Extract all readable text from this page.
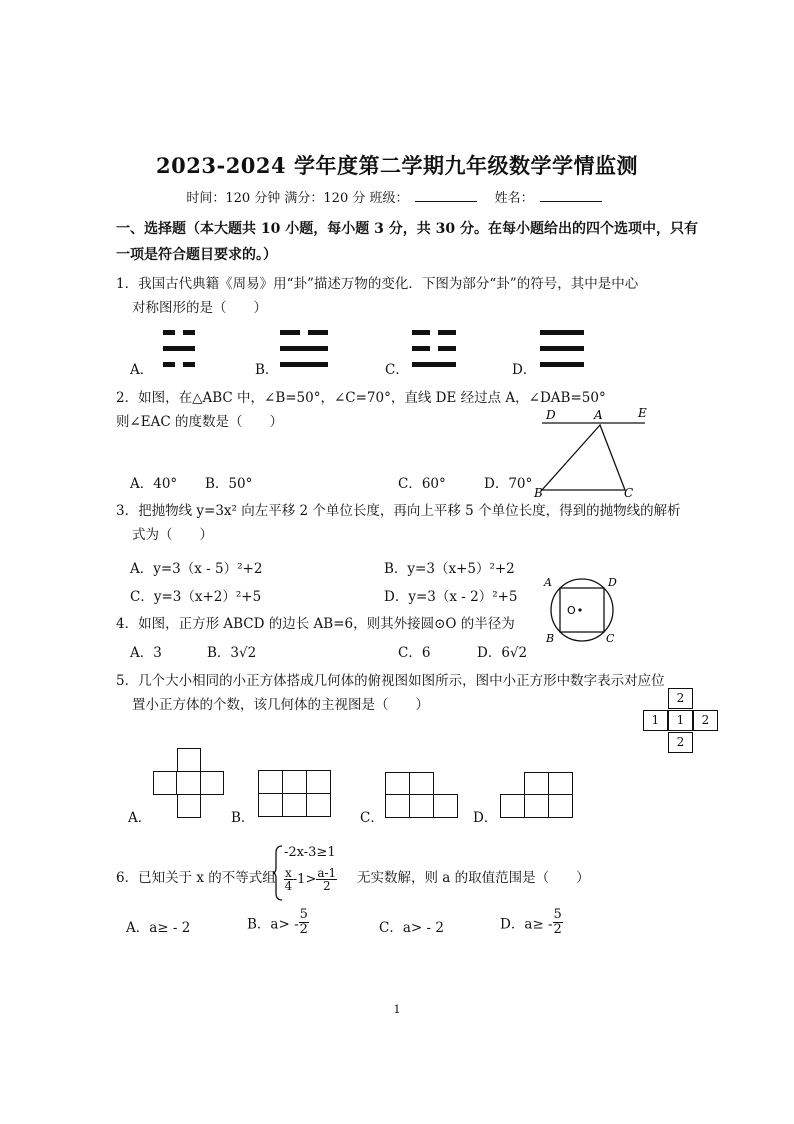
2023-2024 学年度第二学期九年级数学学情监测
时间：120 分钟 满分：120 分 班级：	姓名：
一、选择题（本大题共 10 小题，每小题 3 分，共 30 分。在每小题给出的四个选项中，只有
一项是符合题目要求的。）
1．我国古代典籍《周易》用“卦”描述万物的变化．下图为部分“卦”的符号，其中是中心
对称图形的是（　　）
A．	B．	C．	D．
2．如图，在△ABC 中，∠B=50°，∠C=70°，直线 DE 经过点 A，∠DAB=50°
则∠EAC 的度数是（　　）
A．40° B．50°	C．60°	D．70°
D	A	E
B	C
3．把抛物线 y=3x² 向左平移 2 个单位长度，再向上平移 5 个单位长度，得到的抛物线的解析
式为（　　）
A．y=3（x - 5）²+2	B．y=3（x+5）²+2
C．y=3（x+2）²+5	D．y=3（x - 2）²+5
4．如图，正方形 ABCD 的边长 AB=6，则其外接圆⊙O 的半径为
A．3	B．3√2	C．6	D．6√2
O
A	D
B	C
5．几个大小相同的小正方体搭成几何体的俯视图如图所示，图中小正方形中数字表示对应位
置小正方体的个数，该几何体的主视图是（　　）	2
1	1	2
2
A．	B．	C．	D．
6．已知关于 x 的不等式组
-2x-3≥1
$\frac{x}{4} -1> \frac{a-1}{2}$ 无实数解，则 a 的取值范围是（　　）
A．a≥ - 2	B．$a> - \frac{5}{2}$	C．a> - 2	D．$a\ge - \frac{5}{2}$
1
